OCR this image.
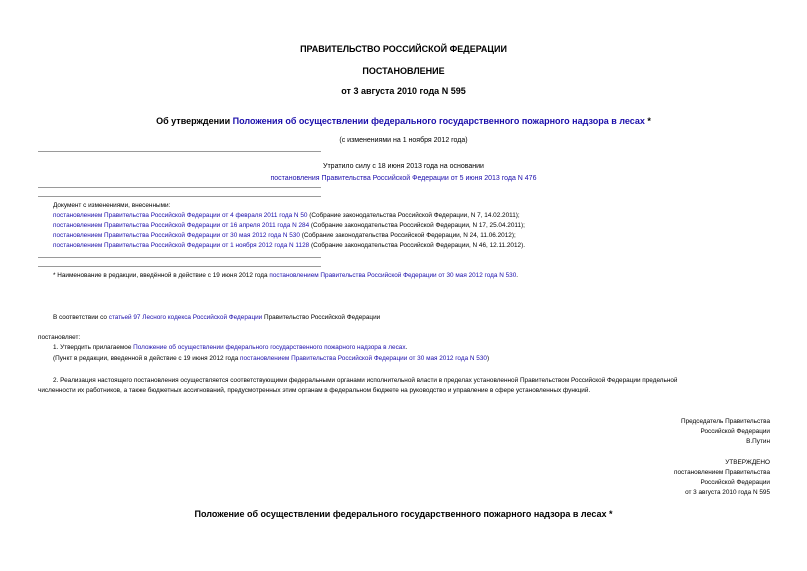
ПРАВИТЕЛЬСТВО РОССИЙСКОЙ ФЕДЕРАЦИИ
ПОСТАНОВЛЕНИЕ
от 3 августа 2010 года N 595
Об утверждении Положения об осуществлении федерального государственного пожарного надзора в лесах *
(с изменениями на 1 ноября 2012 года)
Утратило силу с 18 июня 2013 года на основании
постановления Правительства Российской Федерации от 5 июня 2013 года N 476
Документ с изменениями, внесенными:
постановлением Правительства Российской Федерации от 4 февраля 2011 года N 50 (Собрание законодательства Российской Федерации, N 7, 14.02.2011);
постановлением Правительства Российской Федерации от 16 апреля 2011 года N 284 (Собрание законодательства Российской Федерации, N 17, 25.04.2011);
постановлением Правительства Российской Федерации от 30 мая 2012 года N 530 (Собрание законодательства Российской Федерации, N 24, 11.06.2012);
постановлением Правительства Российской Федерации от 1 ноября 2012 года N 1128 (Собрание законодательства Российской Федерации, N 46, 12.11.2012).
* Наименование в редакции, введённой в действие с 19 июня 2012 года постановлением Правительства Российской Федерации от 30 мая 2012 года N 530.
В соответствии со статьей 97 Лесного кодекса Российской Федерации Правительство Российской Федерации
постановляет:
1. Утвердить прилагаемое Положение об осуществлении федерального государственного пожарного надзора в лесах.
(Пункт в редакции, введенной в действие с 19 июня 2012 года постановлением Правительства Российской Федерации от 30 мая 2012 года N 530)
2. Реализация настоящего постановления осуществляется соответствующими федеральными органами исполнительной власти в пределах установленной Правительством Российской Федерации предельной
численности их работников, а также бюджетных ассигнований, предусмотренных этим органам в федеральном бюджете на руководство и управление в сфере установленных функций.
Председатель Правительства
Российской Федерации
В.Путин
УТВЕРЖДЕНО
постановлением Правительства
Российской Федерации
от 3 августа 2010 года N 595
Положение об осуществлении федерального государственного пожарного надзора в лесах *
